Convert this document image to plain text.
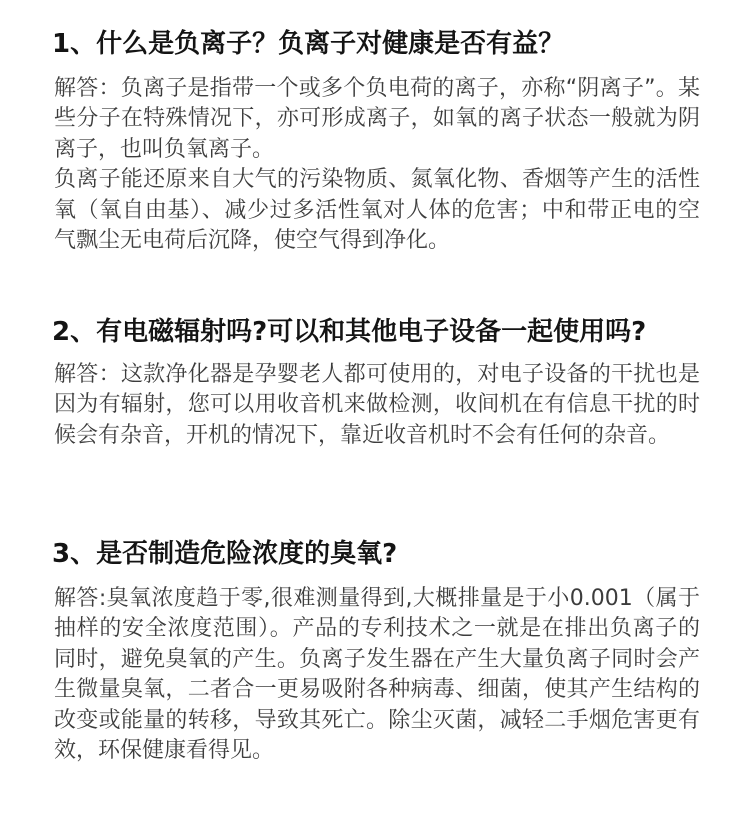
1、什么是负离子？负离子对健康是否有益？

解答：负离子是指带一个或多个负电荷的离子，亦称“阴离子”。某些分子在特殊情况下，亦可形成离子，如氧的离子状态一般就为阴离子，也叫负氧离子。

负离子能还原来自大气的污染物质、氮氧化物、香烟等产生的活性氧（氧自由基）、减少过多活性氧对人体的危害；中和带正电的空气飘尘无电荷后沉降，使空气得到净化。

2、有电磁辐射吗?可以和其他电子设备一起使用吗?

解答：这款净化器是孕婴老人都可使用的，对电子设备的干扰也是因为有辐射，您可以用收音机来做检测，收间机在有信息干扰的时候会有杂音，开机的情况下，靠近收音机时不会有任何的杂音。

3、是否制造危险浓度的臭氧?

解答:臭氧浓度趋于零,很难测量得到,大概排量是于小0.001（属于抽样的安全浓度范围）。产品的专利技术之一就是在排出负离子的同时，避免臭氧的产生。负离子发生器在产生大量负离子同时会产生微量臭氧，二者合一更易吸附各种病毒、细菌，使其产生结构的改变或能量的转移，导致其死亡。除尘灭菌，减轻二手烟危害更有效，环保健康看得见。
